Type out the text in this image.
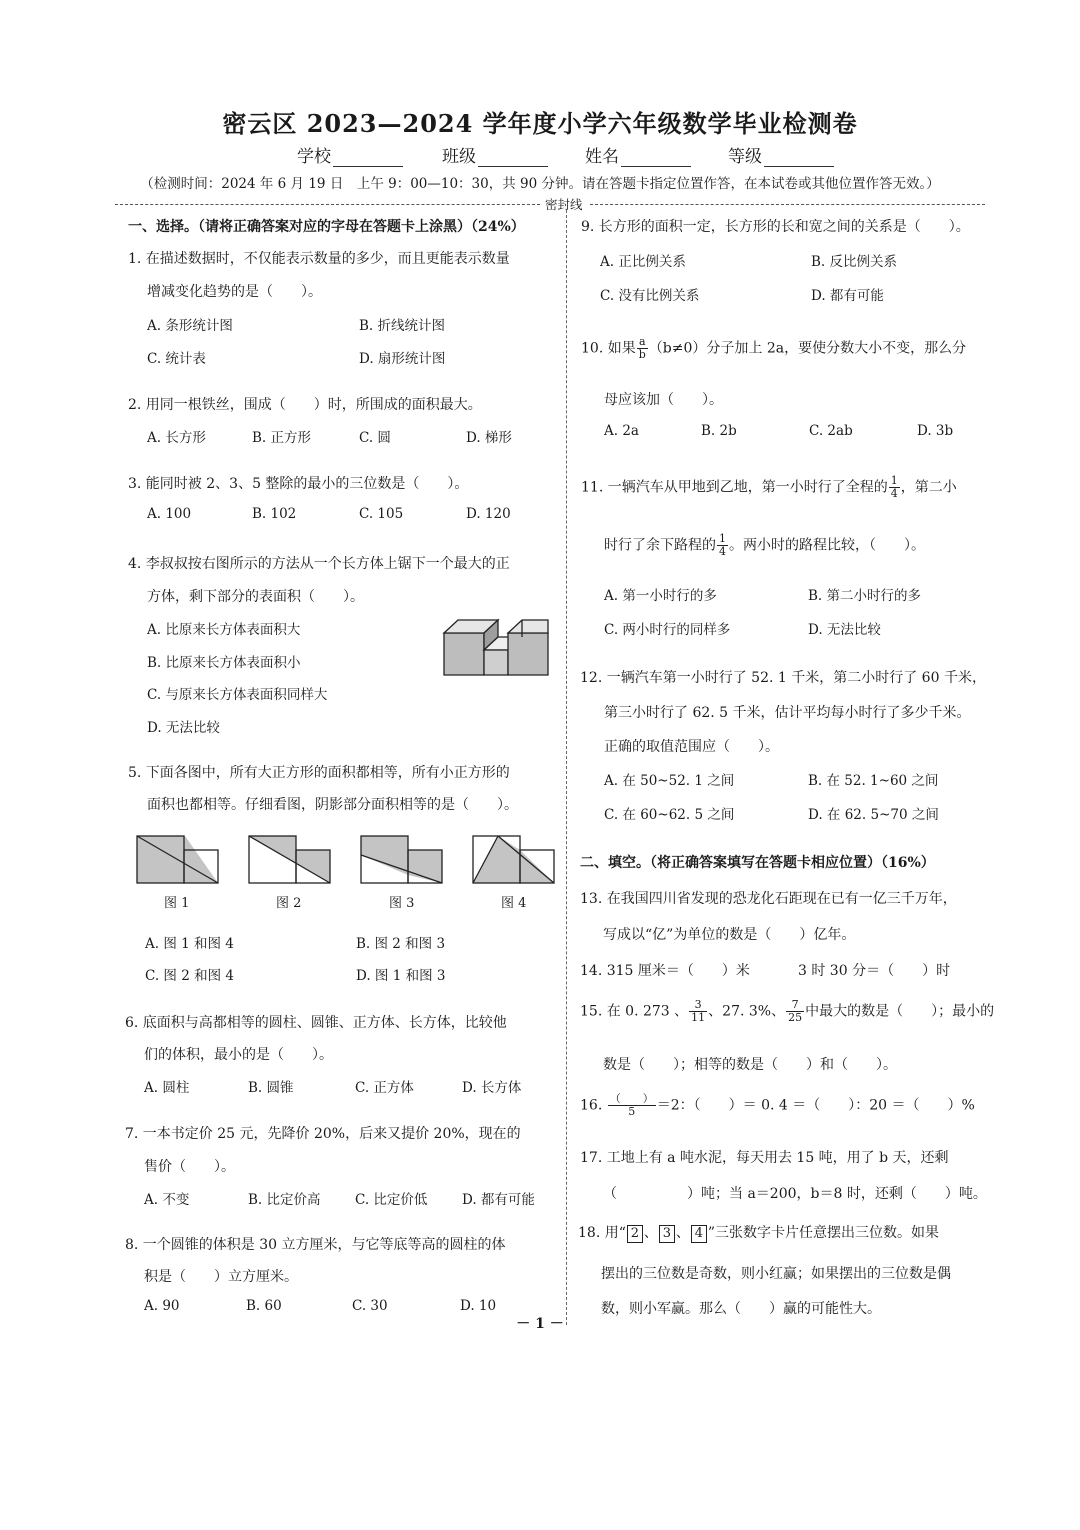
密云区 2023—2024 学年度小学六年级数学毕业检测卷
学校	班级	姓名	等级
（检测时间：2024 年 6 月 19 日　上午 9：00—10：30，共 90 分钟。请在答题卡指定位置作答，在本试卷或其他位置作答无效。）
密封线
一、选择。（请将正确答案对应的字母在答题卡上涂黑）（24%）
1. 在描述数据时，不仅能表示数量的多少，而且更能表示数量
增减变化趋势的是（　　）。
A. 条形统计图	B. 折线统计图
C. 统计表	D. 扇形统计图
2. 用同一根铁丝，围成（　　）时，所围成的面积最大。
A. 长方形	B. 正方形	C. 圆	D. 梯形
3. 能同时被 2、3、5 整除的最小的三位数是（　　）。
A. 100	B. 102	C. 105	D. 120
4. 李叔叔按右图所示的方法从一个长方体上锯下一个最大的正
方体，剩下部分的表面积（　　）。
A. 比原来长方体表面积大
B. 比原来长方体表面积小
C. 与原来长方体表面积同样大
D. 无法比较
5. 下面各图中，所有大正方形的面积都相等，所有小正方形的
面积也都相等。仔细看图，阴影部分面积相等的是（　　）。
图 1	图 2	图 3	图 4
A. 图 1 和图 4	B. 图 2 和图 3
C. 图 2 和图 4	D. 图 1 和图 3
6. 底面积与高都相等的圆柱、圆锥、正方体、长方体，比较他
们的体积，最小的是（　　）。
A. 圆柱	B. 圆锥	C. 正方体	D. 长方体
7. 一本书定价 25 元，先降价 20%，后来又提价 20%，现在的
售价（　　）。
A. 不变	B. 比定价高	C. 比定价低	D. 都有可能
8. 一个圆锥的体积是 30 立方厘米，与它等底等高的圆柱的体
积是（　　）立方厘米。
A. 90	B. 60	C. 30	D. 10
9. 长方形的面积一定，长方形的长和宽之间的关系是（　　）。
A. 正比例关系	B. 反比例关系
C. 没有比例关系	D. 都有可能
10. 如果 $\frac{a}{b} (b\ne 0)$分子加上 2a，要使分数大小不变，那么分
母应该加（　　）。
A. 2a	B. 2b	C. 2ab	D. 3b
11. 一辆汽车从甲地到乙地，第一小时行了全程的 $\frac{1}{4}$ ，第二小
时行了余下路程的 $\frac{1}{4}$ 。两小时的路程比较，（　　）。
A. 第一小时行的多	B. 第二小时行的多
C. 两小时行的同样多	D. 无法比较
12. 一辆汽车第一小时行了 52. 1 千米，第二小时行了 60 千米，
第三小时行了 62. 5 千米，估计平均每小时行了多少千米。
正确的取值范围应（　　）。
A. 在 50~52. 1 之间	B. 在 52. 1~60 之间
C. 在 60~62. 5 之间	D. 在 62. 5~70 之间
二、填空。（将正确答案填写在答题卡相应位置）（16%）
13. 在我国四川省发现的恐龙化石距现在已有一亿三千万年，
写成以“亿”为单位的数是（　　）亿年。
14. 315 厘米＝（　　）米	3 时 30 分＝（　　）时
15. 在 0. 273 、 $\frac{3}{11}$ 、27. 3%、 $\frac{7}{25}$ 中最大的数是（　　）；最小的
数是（　　）；相等的数是（　　）和（　　）。
16. $\frac{( )}{5} =2$：（　　）＝ 0. 4 ＝（　　）：20 ＝（　　）%
17. 工地上有 a 吨水泥，每天用去 15 吨，用了 b 天，还剩
（　　　　　）吨；当 a＝200，b＝8 时，还剩（　　）吨。
18. 用“ 2 、 3 、 4 ”三张数字卡片任意摆出三位数。如果
摆出的三位数是奇数，则小红赢；如果摆出的三位数是偶
数，则小军赢。那么（　　）赢的可能性大。
－ 1 －
